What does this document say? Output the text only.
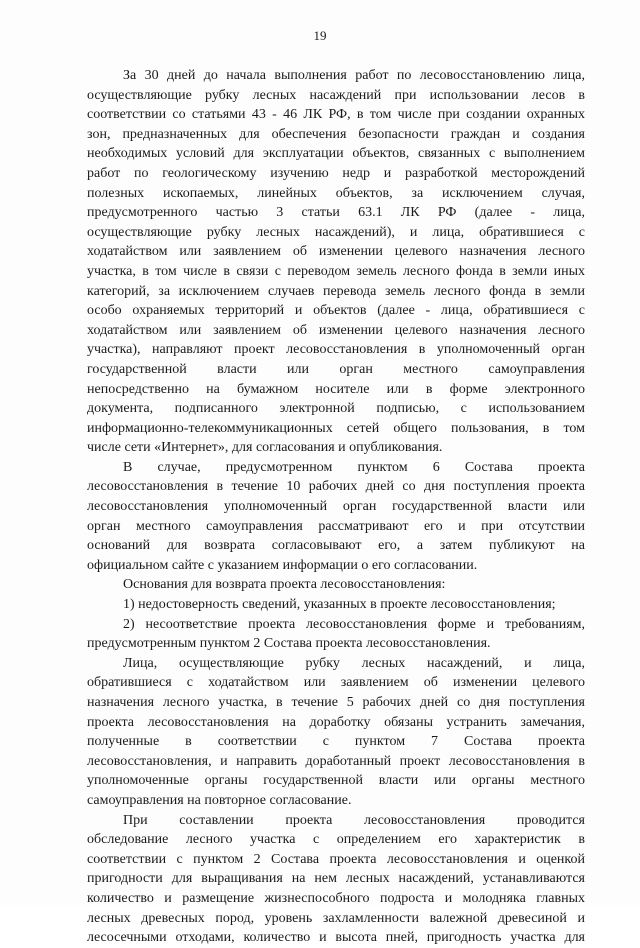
19

За 30 дней до начала выполнения работ по лесовосстановлению лица,

осуществляющие рубку лесных насаждений при использовании лесов в

соответствии со статьями 43 - 46 ЛК РФ, в том числе при создании охранных

зон, предназначенных для обеспечения безопасности граждан и создания

необходимых условий для эксплуатации объектов, связанных с выполнением

работ по геологическому изучению недр и разработкой месторождений

полезных ископаемых, линейных объектов, за исключением случая,

предусмотренного частью 3 статьи 63.1 ЛК РФ (далее - лица,

осуществляющие рубку лесных насаждений), и лица, обратившиеся с

ходатайством или заявлением об изменении целевого назначения лесного

участка, в том числе в связи с переводом земель лесного фонда в земли иных

категорий, за исключением случаев перевода земель лесного фонда в земли

особо охраняемых территорий и объектов (далее - лица, обратившиеся с

ходатайством или заявлением об изменении целевого назначения лесного

участка), направляют проект лесовосстановления в уполномоченный орган

государственной власти или орган местного самоуправления

непосредственно на бумажном носителе или в форме электронного

документа, подписанного электронной подписью, с использованием

информационно-телекоммуникационных сетей общего пользования, в том

числе сети «Интернет», для согласования и опубликования.

В случае, предусмотренном пунктом 6 Состава проекта

лесовосстановления в течение 10 рабочих дней со дня поступления проекта

лесовосстановления уполномоченный орган государственной власти или

орган местного самоуправления рассматривают его и при отсутствии

оснований для возврата согласовывают его, а затем публикуют на

официальном сайте с указанием информации о его согласовании.

Основания для возврата проекта лесовосстановления:

1) недостоверность сведений, указанных в проекте лесовосстановления;

2) несоответствие проекта лесовосстановления форме и требованиям,

предусмотренным пунктом 2 Состава проекта лесовосстановления.

Лица, осуществляющие рубку лесных насаждений, и лица,

обратившиеся с ходатайством или заявлением об изменении целевого

назначения лесного участка, в течение 5 рабочих дней со дня поступления

проекта лесовосстановления на доработку обязаны устранить замечания,

полученные в соответствии с пунктом 7 Состава проекта

лесовосстановления, и направить доработанный проект лесовосстановления в

уполномоченные органы государственной власти или органы местного

самоуправления на повторное согласование.

При составлении проекта лесовосстановления проводится

обследование лесного участка с определением его характеристик в

соответствии с пунктом 2 Состава проекта лесовосстановления и оценкой

пригодности для выращивания на нем лесных насаждений, устанавливаются

количество и размещение жизнеспособного подроста и молодняка главных

лесных древесных пород, уровень захламленности валежной древесиной и

лесосечными отходами, количество и высота пней, пригодность участка для
